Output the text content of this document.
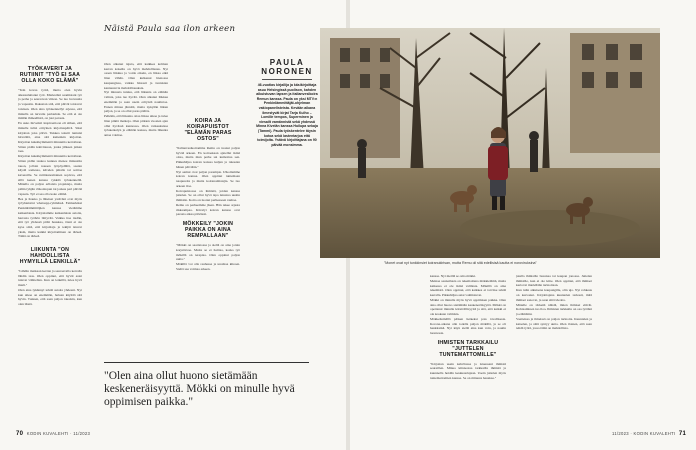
Näistä Paula saa ilon arkeen
TYÖKAVERIT JA RUTIINIT "TYÖ EI SAA OLLA KOKO ELÄMÄ"

"Tein kovaa työtä, mutta olen hyvin aikatauluttanut työt. Mielestäni saamistani työ ja perhe ja seuraavan viikon. Se tuo luovuutta ja vapautta. Rakastan sitä, että päivät toistavat toisiaan. Olen aina työskennellyt arjessa, että minulla on turvattu parisuhde. Se että ei ole mitään ihmeellistä, on just parasta.

En usko hirveästi inspiraatioon eli siihen, että minulle tulisi erityinen kirjoituspäivä. Siksi kirjoitan joka päivä. Tukkea tekstit tuntuisi hirveältä, aina sitä kuitenkin kirjoitan. Kirjoitan kaksikymmentä minuuttia kerrallaan. Sitten pidän kahvitauon, jonka jälkeen jatkan taas.

Kirjoitan kaksikymmentä minuuttia kerrallaan. Sitten pidän taukoa kunnes menee minuuttia tauon, jolloin nousen työpöydältä, saatan käydä somessa, kävelen pihalla tai soittaa kavereille. Se rutiinianomainen sopivaa, että sillä kenen kanssa tykkää työskennellä. Minulla on paljon erilaisia projekteja, mutta pidän tyhjän viikonlopun tai joskus pari päivää vapaata. Työ ei saa olla koko elämä.

Bea ja Kauko ja läheiset ystäväni ovat myös työyhteisöni whatsapp-ryhmässä. Esimerkiksi Penkinlämmittäjien kanssa vietämme kaikenlaisia. Kirjoitamme kaikenlaisia asioita, harrasta työhön liittyvää. Vaikka itse tiedän, että työ yhdessä pitää hauskaa, tässä ei ole kyse siitä, että kirjoittaja ja tekijät istuvat yksin, mutta kaikki kirjoitaminen on tärkeä. Tämä on tärkeä.

LIIKUNTA "ON HAHDOLLISTA HYMYILLÄ LENKILLÄ"

"Lähdin matkaan kerran ja seuraavalla kerralla lähdin taas. Olen oppinut, että hyvät asiat tulevat vähitellen. Kun on lenkillä, tulee hyvä mieli."

Olen aina tykännyt tehdä asioita yhdessä. Nyt kun aikaa on enemmän, haluan käyttää sitä hyvin. Tunnen, että saan paljon takaisin, kun olen läsnä.

Olen alkanut tajuta, että kaikkea kolmen kerran kokeilu on hyvä mahdollisuus. Nyt osaan liikkua ja voida oikein, en liikaa eikä liian vähän. Olen kulkenut hienossa kaupungissa, vaikka hitaasti ja tunnistan kannustavia mahdollisuuksia.

Nyt minusta tuntuu, että liikunta on elämän valinta, joka tuo hyvää. Olen alkanut liikkua enemmän ja saan usein erityistä nautintoa. Ennen minua jännitti, mutta nykyään liikun paljon, ja se on ollut paras päätös.

Pelkään, että liikunta ottaa liikaa aikaa ja tulee liian pitkiä matkoja. Olen pitkien vuosien ajan ollut hyvässä kunnossa. Olen vaikeuksissa työskentelyn ja elämän kanssa, mutta liikunta antaa voimaa.

KOIRA JA KOIRAPUISTOT "ELÄMÄN PARAS OSTOS"

"Italianvesikoiramme Remu on tuonut paljon hyvää arkeen. En koiraakaan ajatellut ikinä ottaa, mutta mun perhe sai kumottua sen. Pikkuhiljaa koiran kanssa kuljen ja rakastan hänen päiviään."

Nyt aamut ovat paljon parempia. Ulkoilemme koiran kanssa. Olen oppinut tuntemaan naapureita ja muita koiranomistajia. Se tuo arkeen iloa.

Koirapuistossa on ihmisiä, joiden kanssa juttelen. Se on ollut hyvä tapa tutustua uusiin ihmisiin. Koira on tuonut perheeseen rauhaa.

Remu on perheemme jäsen. Hän tekee arjesta rikkaampaa. Kävelyt koiran kanssa ovat parasta aikaa päivässä.

MÖKKEILY "JOKIN PAIKKA ON AINA REMPALLAAN"

"Mökki on saaristossa ja siellä on aina jotain korjattavaa. Mutta se ei haittaa, koska työ mökillä on terapiaa. Olen oppinut paljon uutta."

Mökillä voi olla rauhassa ja unohtaa kiireen. Sieltä saa voimaa arkeen.

"Olen aina ollut huono sietämään keskeneräisyyttä. Mökki on minulle hyvä oppimisen paikka."
PAULA
NORONEN
46-vuotias kirjailija ja käsikirjoittaja asuu Helsingissä puolison, kahden aikuistuvan lapsen ja italianvesikoira Remun kanssa. Paula on yksi MTV:n Penkinlämmittäjät-ohjelman vakiopanelisteista. Kevään aikana ilmestyvät kirjat Tarja Kulho – Lomille tempos, Superminen ja viesailt vamännistä sekä yhdessä Minna Kivelän kanssa Huilupa sekaja (Tammi). Paula työskentelee täysin kotoa sekä lastentarjoa että toimijoita. Ystävä kirjoittajana on 90 päivää monsimma.
"Monet ovat nyt tunkkinsiet koiranukirisan, mutta Remu oli sitä edellisisä kautta ei noroviruksina"

kanssa. Nyt meillä se oma mökki.

Meinaa saunailusta on tekemattuna mökkielämä, mutta kaikessa ei ole ikinä valmista. Mökillä on aina tekemistä. Olen oppinut, että kaikkea ei tarvitse tehdä kerralla. Pikkuhiljaa asiat valmistuvat.

Mökki on minulle myös hyvä oppimisen paikka. Olen aina ollut huono sietämään keskeneräisyyttä. Mökki on opettanut minulle kärsivällisyyttä ja sitä, että kaikki ei ole koskaan valmista.

Mökkeilemällä pääsen hetkeksi pois tavallisesta. Korona-aikana olin todella paljon mökillä, ja se oli henkireikä. Nyt käyn siellä aina kun voin, ja nautin luonnosta.

IHMISTEN TARKKAILU "JUTTELEN TUNTEMATTOMILLE"

"Kirjoitan usein kahvilassa ja istuessani ihmisiä seuraillen. Minua kiinnostaa tarkkailla ihmisiä ja kuunnella heidän keskustelujaan. Usein juttelen myös tuntemattomien kanssa. Se on minusta hauskaa."

jutella ihmisille bussissa tai kaupan jonossa. Juttelen ihmisille, kun ei ole kiire. Olen oppinut, että ihmiset kertovat mielellään tarinoitaan.

Kun tulin aikuisena kaupungille, olin ujo. Nyt rohkeus on kasvanut. Kirjoittajana kuuntelen tarkasti, mitä ihmiset sanovat, ja saan siitä ideoita.

Minulle on tärkeää nähdä, miten ihmiset elävät. Kohtaaminen tuo iloa. Ihmisten tarkkailu on osa työtäni ja elämääni.

Vaatteissa ja ilmeissä on paljon tarinoita. Kuuntelen ja katselen, ja siitä syntyy uutta. Olen iloinen, että saan tehdä työtä, jossa tämä on mahdollista.

70 KODIN KUVALEHTI · 11/2023	11/2023 · KODIN KUVALEHTI 71
